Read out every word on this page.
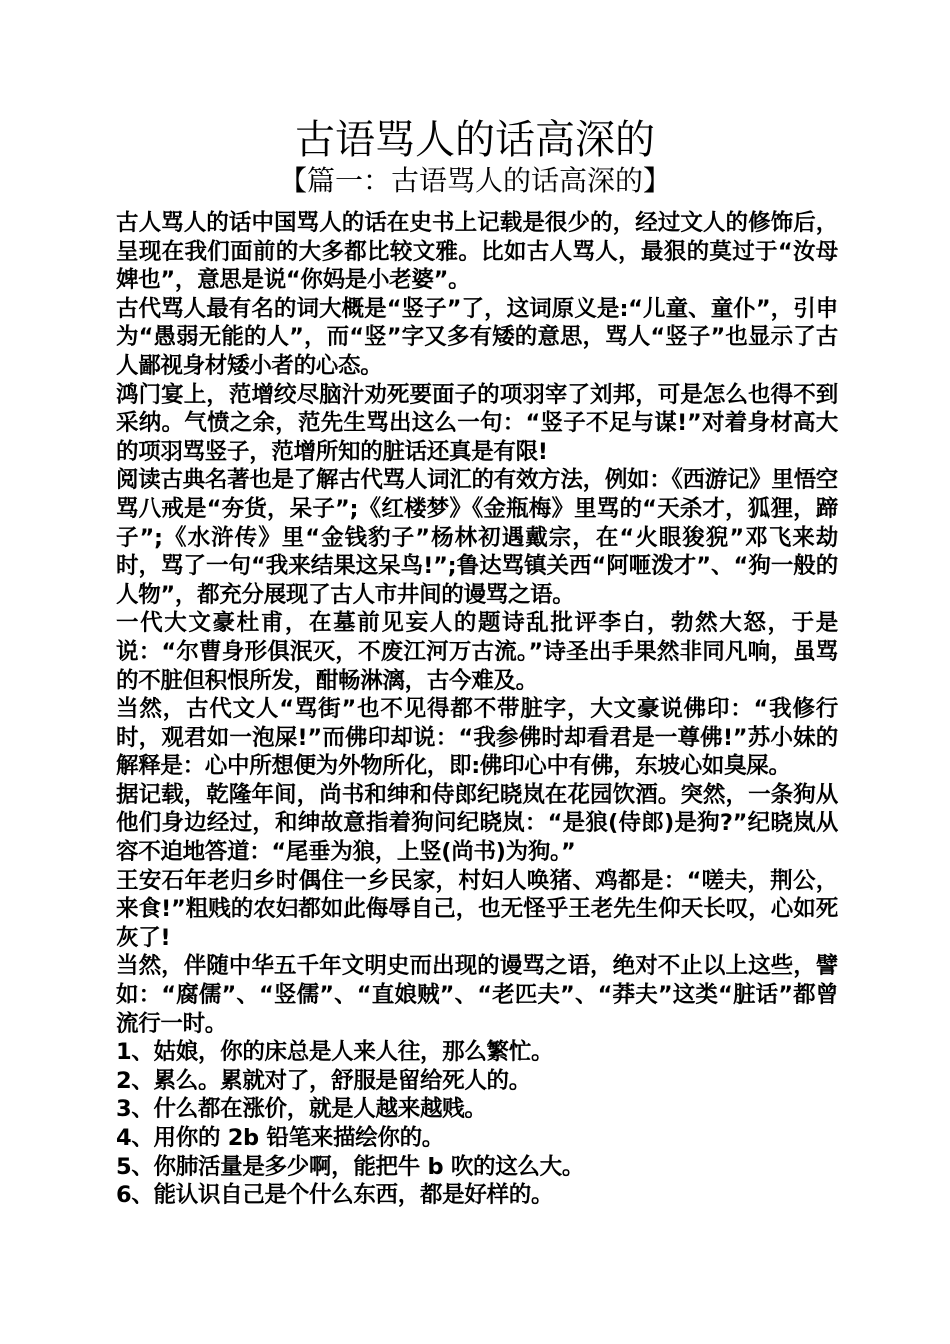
古语骂人的话高深的
【篇一：古语骂人的话高深的】

古人骂人的话中国骂人的话在史书上记载是很少的，经过文人的修饰后，呈现在我们面前的大多都比较文雅。比如古人骂人，最狠的莫过于“汝母婢也”，意思是说“你妈是小老婆”。

古代骂人最有名的词大概是“竖子”了，这词原义是:“儿童、童仆”，引申为“愚弱无能的人”，而“竖”字又多有矮的意思，骂人“竖子”也显示了古人鄙视身材矮小者的心态。

鸿门宴上，范增绞尽脑汁劝死要面子的项羽宰了刘邦，可是怎么也得不到采纳。气愤之余，范先生骂出这么一句：“竖子不足与谋!”对着身材高大的项羽骂竖子，范增所知的脏话还真是有限!

阅读古典名著也是了解古代骂人词汇的有效方法，例如：《西游记》里悟空骂八戒是“夯货，呆子”;《红楼梦》《金瓶梅》里骂的“天杀才，狐狸，蹄子”;《水浒传》里“金钱豹子”杨林初遇戴宗，在“火眼狻猊”邓飞来劫时，骂了一句“我来结果这呆鸟!”;鲁达骂镇关西“阿咂泼才”、“狗一般的人物”，都充分展现了古人市井间的谩骂之语。

一代大文豪杜甫，在墓前见妄人的题诗乱批评李白，勃然大怒，于是说：“尔曹身形俱泯灭，不废江河万古流。”诗圣出手果然非同凡响，虽骂的不脏但积恨所发，酣畅淋漓，古今难及。

当然，古代文人“骂街”也不见得都不带脏字，大文豪说佛印：“我修行时，观君如一泡屎!”而佛印却说：“我参佛时却看君是一尊佛!”苏小妹的解释是：心中所想便为外物所化，即:佛印心中有佛，东坡心如臭屎。

据记载，乾隆年间，尚书和绅和侍郎纪晓岚在花园饮酒。突然，一条狗从他们身边经过，和绅故意指着狗问纪晓岚：“是狼(侍郎)是狗?”纪晓岚从容不迫地答道：“尾垂为狼，上竖(尚书)为狗。”

王安石年老归乡时偶住一乡民家，村妇人唤猪、鸡都是：“嗟夫，荆公，来食!”粗贱的农妇都如此侮辱自己，也无怪乎王老先生仰天长叹，心如死灰了!

当然，伴随中华五千年文明史而出现的谩骂之语，绝对不止以上这些，譬如：“腐儒”、“竖儒”、“直娘贼”、“老匹夫”、“莽夫”这类“脏话”都曾流行一时。

1、姑娘，你的床总是人来人往，那么繁忙。
2、累么。累就对了，舒服是留给死人的。
3、什么都在涨价，就是人越来越贱。
4、用你的 2b 铅笔来描绘你的。
5、你肺活量是多少啊，能把牛 b 吹的这么大。
6、能认识自己是个什么东西，都是好样的。
